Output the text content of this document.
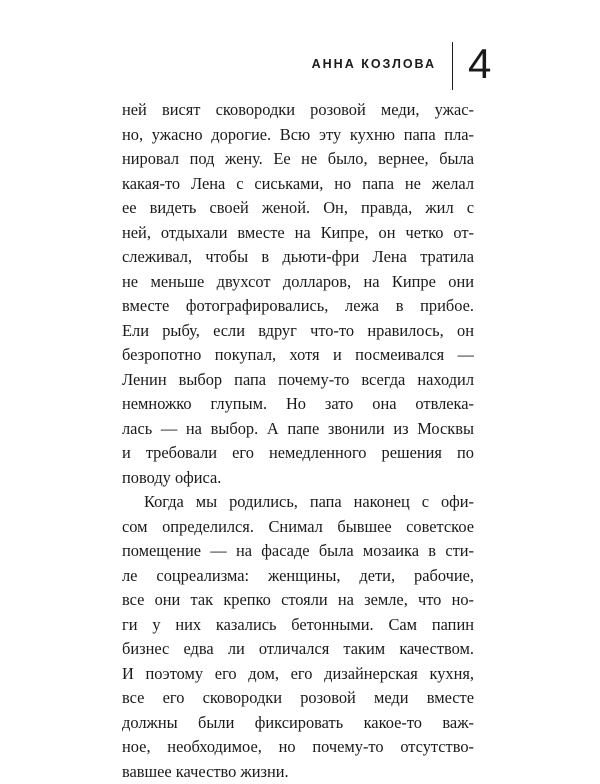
АННА КОЗЛОВА 4
ней висят сковородки розовой меди, ужас-
но, ужасно дорогие. Всю эту кухню папа пла-
нировал под жену. Ее не было, вернее, была
какая-то Лена с сиськами, но папа не желал
ее видеть своей женой. Он, правда, жил с
ней, отдыхали вместе на Кипре, он четко от-
слеживал, чтобы в дьюти-фри Лена тратила
не меньше двухсот долларов, на Кипре они
вместе фотографировались, лежа в прибое.
Ели рыбу, если вдруг что-то нравилось, он
безропотно покупал, хотя и посмеивался —
Ленин выбор папа почему-то всегда находил
немножко глупым. Но зато она отвлека-
лась — на выбор. А папе звонили из Москвы
и требовали его немедленного решения по
поводу офиса.
Когда мы родились, папа наконец с офи-
сом определился. Снимал бывшее советское
помещение — на фасаде была мозаика в сти-
ле соцреализма: женщины, дети, рабочие,
все они так крепко стояли на земле, что но-
ги у них казались бетонными. Сам папин
бизнес едва ли отличался таким качеством.
И поэтому его дом, его дизайнерская кухня,
все его сковородки розовой меди вместе
должны были фиксировать какое-то важ-
ное, необходимое, но почему-то отсутство-
вавшее качество жизни.
